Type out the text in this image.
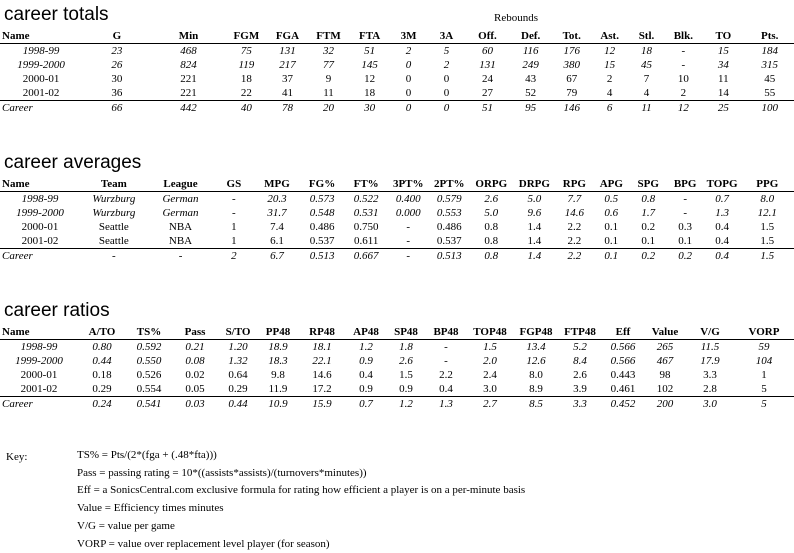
career totals	Rebounds
Name	G	Min	FGM	FGA	FTM	FTA	3M	3A	Off.	Def.	Tot.	Ast.	Stl.	Blk.	TO	Pts.
1998-99	23	468	75	131	32	51	2	5	60	116	176	12	18	-	15	184
1999-2000	26	824	119	217	77	145	0	2	131	249	380	15	45	-	34	315
2000-01	30	221	18	37	9	12	0	0	24	43	67	2	7	10	11	45
2001-02	36	221	22	41	11	18	0	0	27	52	79	4	4	2	14	55
Career	66	442	40	78	20	30	0	0	51	95	146	6	11	12	25	100
career averages
Name	Team	League	GS	MPG	FG%	FT%	3PT%	2PT%	ORPG	DRPG	RPG	APG	SPG	BPG	TOPG	PPG
1998-99	Wurzburg	German	-	20.3	0.573	0.522	0.400	0.579	2.6	5.0	7.7	0.5	0.8	-	0.7	8.0
1999-2000	Wurzburg	German	-	31.7	0.548	0.531	0.000	0.553	5.0	9.6	14.6	0.6	1.7	-	1.3	12.1
2000-01	Seattle	NBA	1	7.4	0.486	0.750	-	0.486	0.8	1.4	2.2	0.1	0.2	0.3	0.4	1.5
2001-02	Seattle	NBA	1	6.1	0.537	0.611	-	0.537	0.8	1.4	2.2	0.1	0.1	0.1	0.4	1.5
Career	-	-	2	6.7	0.513	0.667	-	0.513	0.8	1.4	2.2	0.1	0.2	0.2	0.4	1.5
career ratios
Name	A/TO	TS%	Pass	S/TO	PP48	RP48	AP48	SP48	BP48	TOP48	FGP48	FTP48	Eff	Value	V/G	VORP
1998-99	0.80	0.592	0.21	1.20	18.9	18.1	1.2	1.8	-	1.5	13.4	5.2	0.566	265	11.5	59
1999-2000	0.44	0.550	0.08	1.32	18.3	22.1	0.9	2.6	-	2.0	12.6	8.4	0.566	467	17.9	104
2000-01	0.18	0.526	0.02	0.64	9.8	14.6	0.4	1.5	2.2	2.4	8.0	2.6	0.443	98	3.3	1
2001-02	0.29	0.554	0.05	0.29	11.9	17.2	0.9	0.9	0.4	3.0	8.9	3.9	0.461	102	2.8	5
Career	0.24	0.541	0.03	0.44	10.9	15.9	0.7	1.2	1.3	2.7	8.5	3.3	0.452	200	3.0	5
Key:	TS% = Pts/(2*(fga + (.48*fta)))
Pass = passing rating = 10*((assists*assists)/(turnovers*minutes))
Eff = a SonicsCentral.com exclusive formula for rating how efficient a player is on a per-minute basis
Value = Efficiency times minutes
V/G = value per game
VORP = value over replacement level player (for season)
